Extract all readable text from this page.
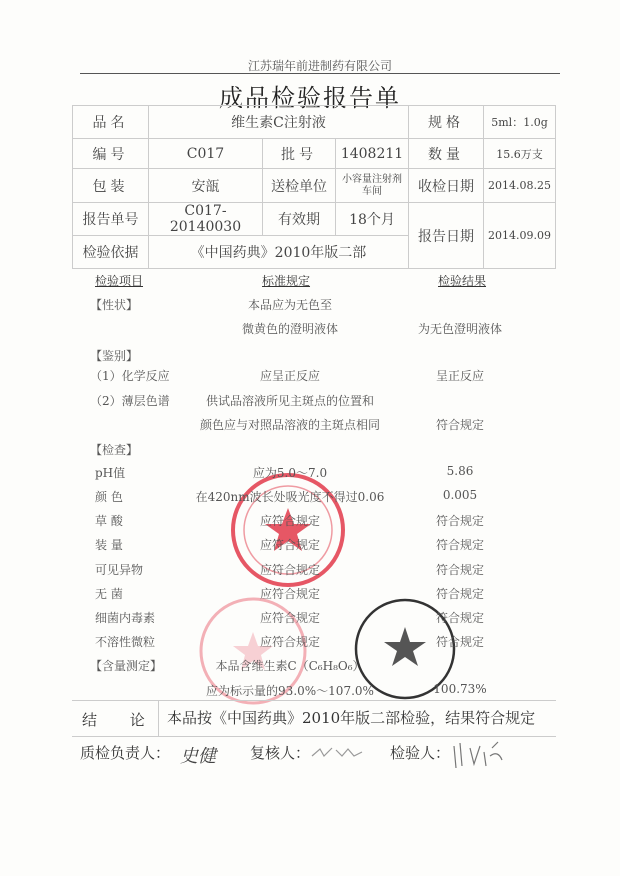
江苏瑞年前进制药有限公司
成品检验报告单
品名	维生素C注射液			规格	5ml：1.0g
编号	C017	批号	1408211	数量	15.6万支
包装	安瓿	送检单位	小容量注射剂车间	收检日期	2014.08.25
报告单号	C017-20140030	有效期	18个月	报告日期	2014.09.09
检验依据	《中国药典》2010年版二部				
检验项目	标准规定	检验结果
【性状】	本品应为无色至
微黄色的澄明液体	为无色澄明液体
【鉴别】
（1）化学反应	应呈正反应	呈正反应
（2）薄层色谱	供试品溶液所见主斑点的位置和
颜色应与对照品溶液的主斑点相同	符合规定
【检查】
pH值	应为5.0～7.0	5.86
颜 色	在420nm波长处吸光度不得过0.06	0.005
草 酸	应符合规定	符合规定
装 量	应符合规定	符合规定
可见异物	应符合规定	符合规定
无 菌	应符合规定	符合规定
细菌内毒素	应符合规定	符合规定
不溶性微粒	应符合规定	符合规定
【含量测定】	本品含维生素C（C₆H₈O₆）
应为标示量的93.0%～107.0%	100.73%
结 论 本品按《中国药典》2010年版二部检验，结果符合规定
质检负责人： 史健 复核人：	检验人：
